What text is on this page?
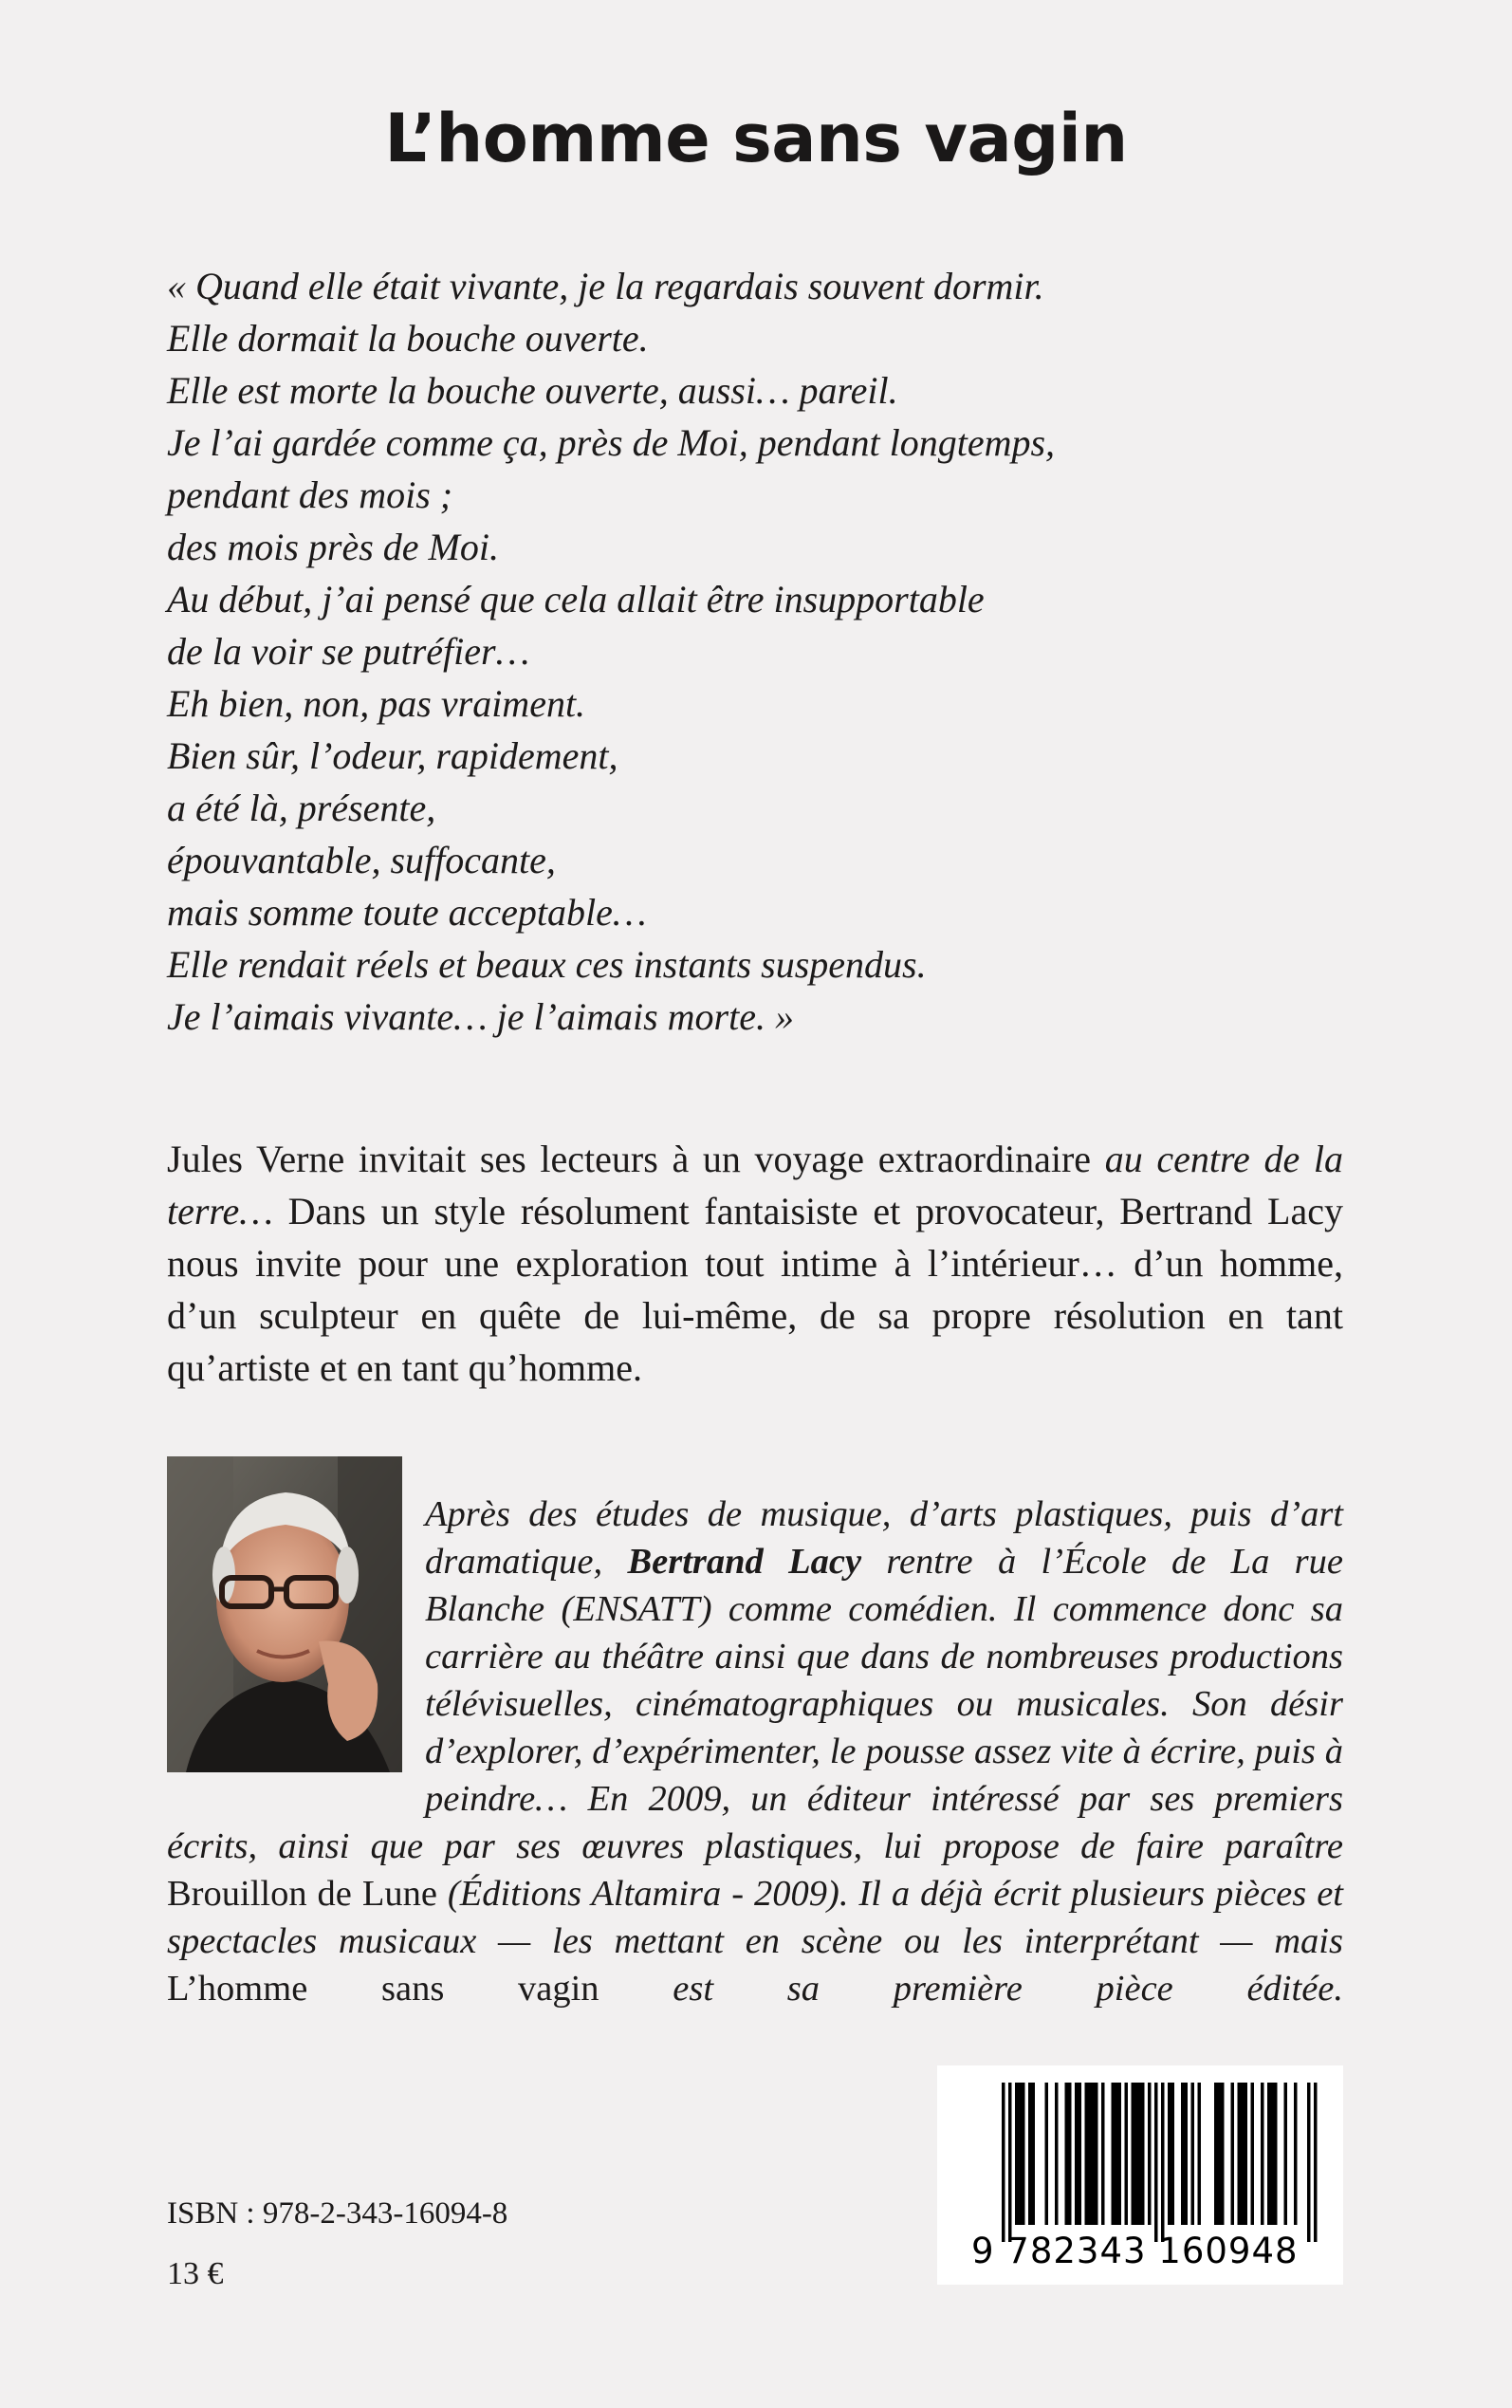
L’homme sans vagin
« Quand elle était vivante, je la regardais souvent dormir.
Elle dormait la bouche ouverte.
Elle est morte la bouche ouverte, aussi… pareil.
Je l’ai gardée comme ça, près de Moi, pendant longtemps,
pendant des mois ;
des mois près de Moi.
Au début, j’ai pensé que cela allait être insupportable
de la voir se putréfier…
Eh bien, non, pas vraiment.
Bien sûr, l’odeur, rapidement,
a été là, présente,
épouvantable, suffocante,
mais somme toute acceptable…
Elle rendait réels et beaux ces instants suspendus.
Je l’aimais vivante… je l’aimais morte. »

Jules Verne invitait ses lecteurs à un voyage extraordinaire au centre de la terre… Dans un style résolument fantaisiste et provocateur, Bertrand Lacy nous invite pour une exploration tout intime à l’intérieur… d’un homme, d’un sculpteur en quête de lui-même, de sa propre résolution en tant qu’artiste et en tant qu’homme.

Après des études de musique, d’arts plastiques, puis d’art dramatique, Bertrand Lacy rentre à l’École de La rue Blanche (ENSATT) comme comédien. Il commence donc sa carrière au théâtre ainsi que dans de nombreuses productions télévisuelles, cinématographiques ou musicales. Son désir d’explorer, d’expérimenter, le pousse assez vite à écrire, puis à peindre… En 2009, un éditeur intéressé par ses premiers écrits, ainsi que par ses œuvres plastiques, lui propose de faire paraître Brouillon de Lune (Éditions Altamira - 2009). Il a déjà écrit plusieurs pièces et spectacles musicaux — les mettant en scène ou les interprétant — mais L’homme sans vagin est sa première pièce éditée.

ISBN : 978-2-343-16094-8
13 €
9 782343 160948
